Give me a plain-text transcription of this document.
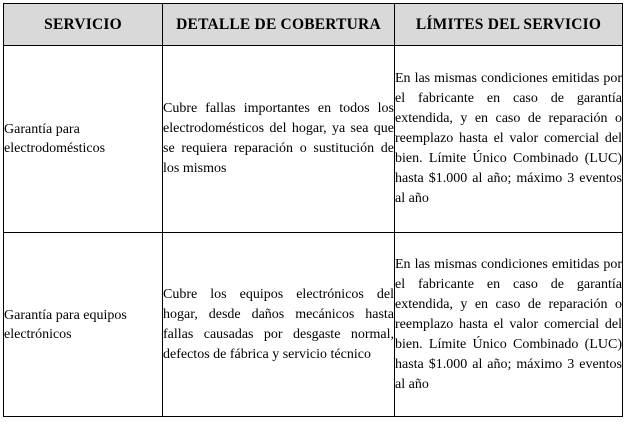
SERVICIO	DETALLE DE COBERTURA	LÍMITES DEL SERVICIO

Garantía para electrodomésticos	Cubre fallas importantes en todos los electrodomésticos del hogar, ya sea que se requiera reparación o sustitución de los mismos	En las mismas condiciones emitidas por el fabricante en caso de garantía extendida, y en caso de reparación o reemplazo hasta el valor comercial del bien. Límite Único Combinado (LUC) hasta $1.000 al año; máximo 3 eventos al año

Garantía para equipos electrónicos	Cubre los equipos electrónicos del hogar, desde daños mecánicos hasta fallas causadas por desgaste normal, defectos de fábrica y servicio técnico	En las mismas condiciones emitidas por el fabricante en caso de garantía extendida, y en caso de reparación o reemplazo hasta el valor comercial del bien. Límite Único Combinado (LUC) hasta $1.000 al año; máximo 3 eventos al año
